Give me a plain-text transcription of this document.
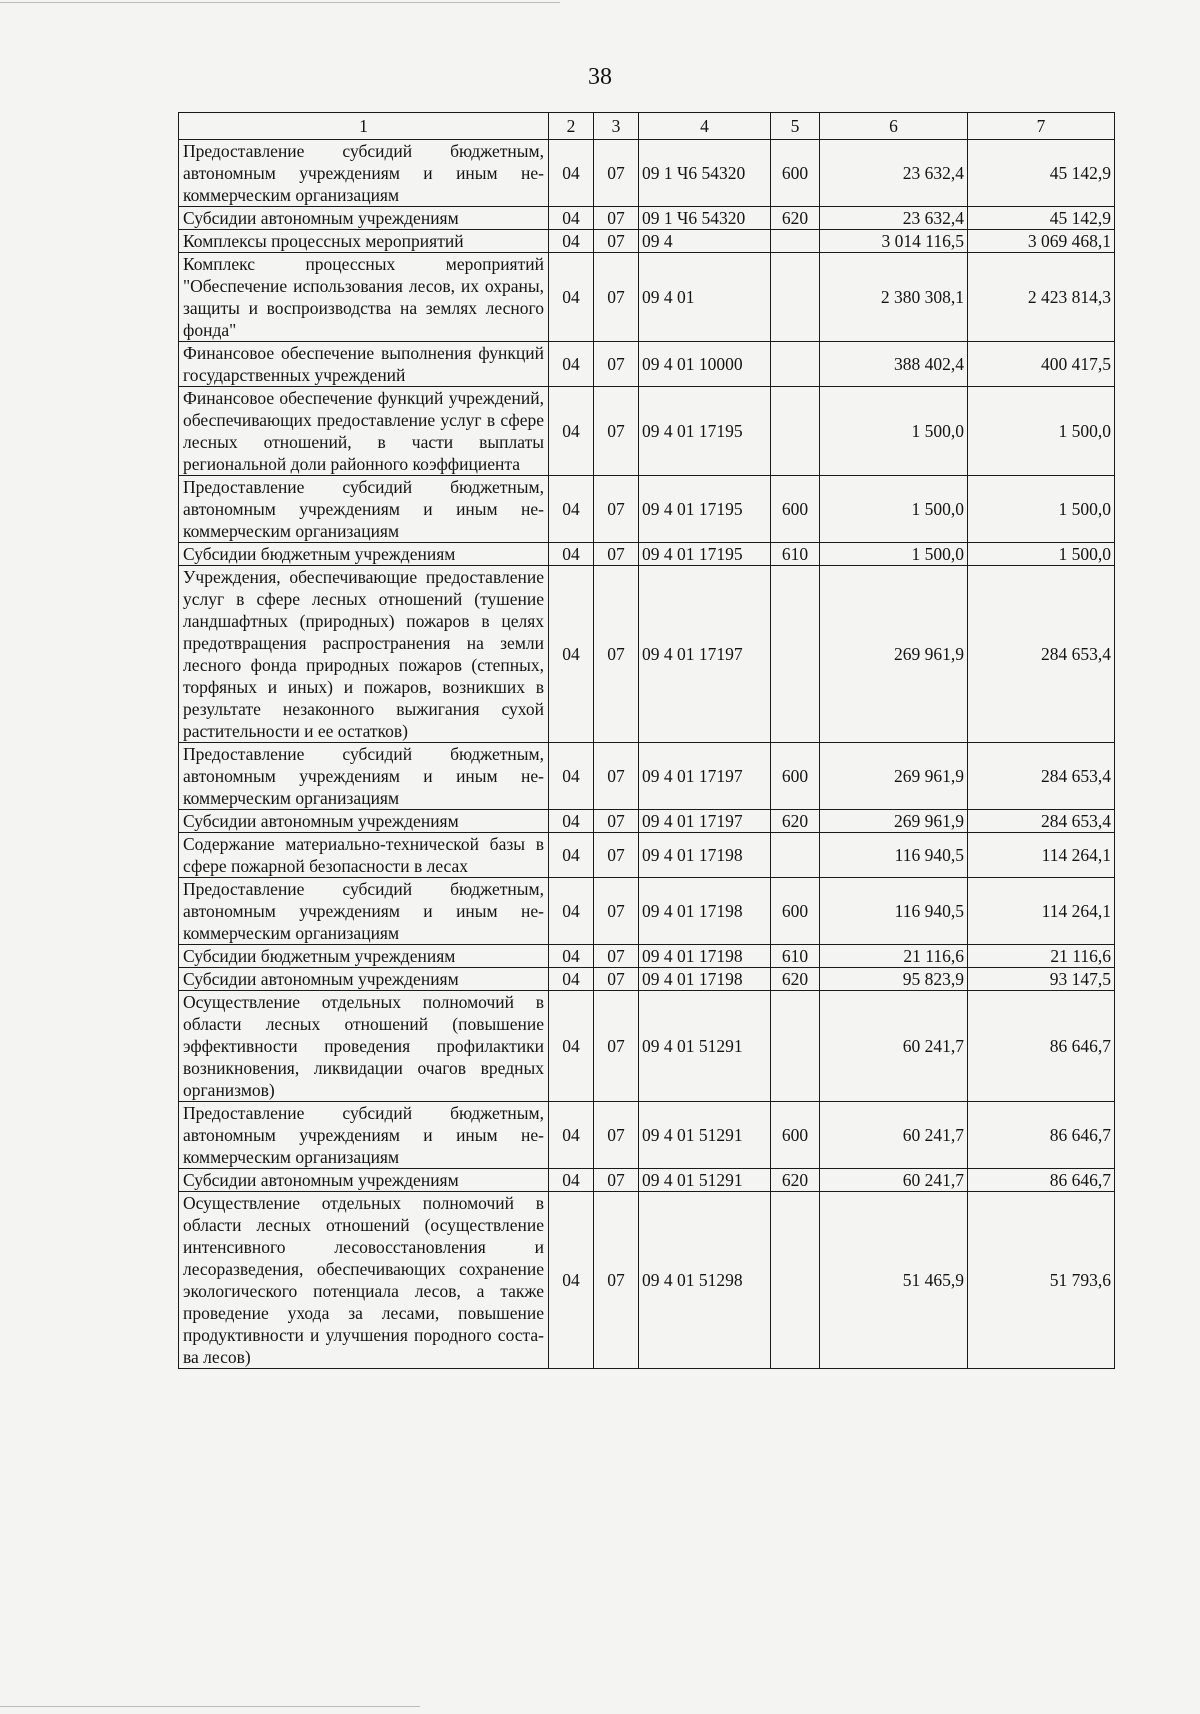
38
1	2	3	4	5	6	7
Предоставление субсидий бюджетным, автономным учреждениям и иным некоммерческим организациям	04	07	09 1 Ч6 54320	600	23 632,4	45 142,9
Субсидии автономным учреждениям	04	07	09 1 Ч6 54320	620	23 632,4	45 142,9
Комплексы процессных мероприятий	04	07	09 4		3 014 116,5	3 069 468,1
Комплекс процессных мероприятий "Обеспечение использования лесов, их охраны, защиты и воспроизводства на землях лесного фонда"	04	07	09 4 01		2 380 308,1	2 423 814,3
Финансовое обеспечение выполнения функций государственных учреждений	04	07	09 4 01 10000		388 402,4	400 417,5
Финансовое обеспечение функций учреждений, обеспечивающих предоставление услуг в сфере лесных отношений, в части выплаты региональной доли районного коэффициента	04	07	09 4 01 17195		1 500,0	1 500,0
Предоставление субсидий бюджетным, автономным учреждениям и иным некоммерческим организациям	04	07	09 4 01 17195	600	1 500,0	1 500,0
Субсидии бюджетным учреждениям	04	07	09 4 01 17195	610	1 500,0	1 500,0
Учреждения, обеспечивающие предоставление услуг в сфере лесных отношений (тушение ландшафтных (природных) пожаров в целях предотвращения распространения на земли лесного фонда природных пожаров (степных, торфяных и иных) и пожаров, возникших в результате незаконного выжигания сухой растительности и ее остатков)	04	07	09 4 01 17197		269 961,9	284 653,4
Предоставление субсидий бюджетным, автономным учреждениям и иным некоммерческим организациям	04	07	09 4 01 17197	600	269 961,9	284 653,4
Субсидии автономным учреждениям	04	07	09 4 01 17197	620	269 961,9	284 653,4
Содержание материально-технической базы в сфере пожарной безопасности в лесах	04	07	09 4 01 17198		116 940,5	114 264,1
Предоставление субсидий бюджетным, автономным учреждениям и иным некоммерческим организациям	04	07	09 4 01 17198	600	116 940,5	114 264,1
Субсидии бюджетным учреждениям	04	07	09 4 01 17198	610	21 116,6	21 116,6
Субсидии автономным учреждениям	04	07	09 4 01 17198	620	95 823,9	93 147,5
Осуществление отдельных полномочий в области лесных отношений (повышение эффективности проведения профилактики возникновения, ликвидации очагов вредных организмов)	04	07	09 4 01 51291		60 241,7	86 646,7
Предоставление субсидий бюджетным, автономным учреждениям и иным некоммерческим организациям	04	07	09 4 01 51291	600	60 241,7	86 646,7
Субсидии автономным учреждениям	04	07	09 4 01 51291	620	60 241,7	86 646,7
Осуществление отдельных полномочий в области лесных отношений (осуществление интенсивного лесовосстановления и лесоразведения, обеспечивающих сохранение экологического потенциала лесов, а также проведение ухода за лесами, повышение продуктивности и улучшения породного состава лесов)	04	07	09 4 01 51298		51 465,9	51 793,6
